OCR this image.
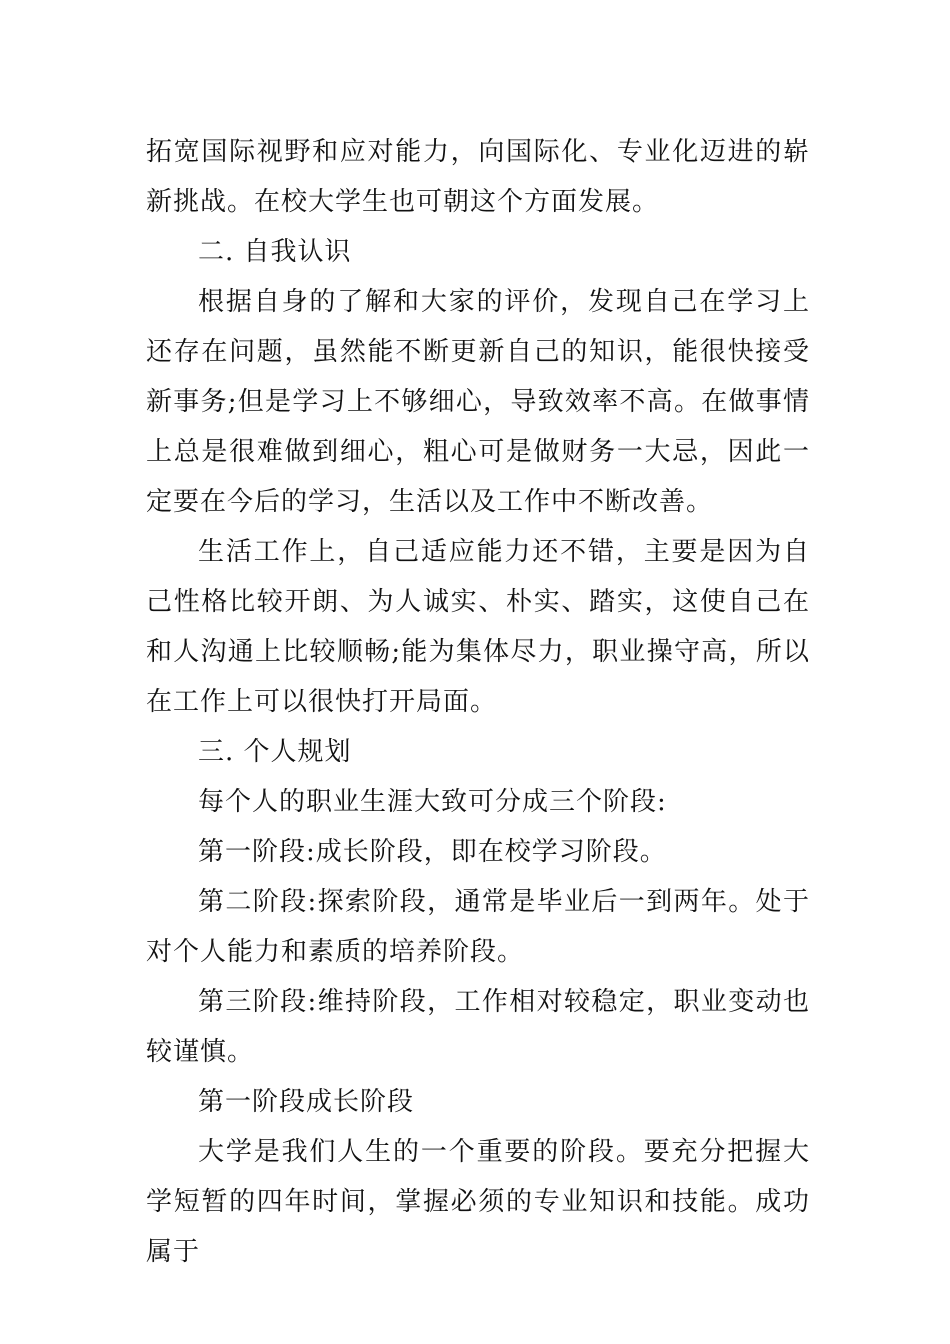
拓宽国际视野和应对能力，向国际化、专业化迈进的崭新挑战。在校大学生也可朝这个方面发展。

二. 自我认识

根据自身的了解和大家的评价，发现自己在学习上还存在问题，虽然能不断更新自己的知识，能很快接受新事务;但是学习上不够细心，导致效率不高。在做事情上总是很难做到细心，粗心可是做财务一大忌，因此一定要在今后的学习，生活以及工作中不断改善。

生活工作上，自己适应能力还不错，主要是因为自己性格比较开朗、为人诚实、朴实、踏实，这使自己在和人沟通上比较顺畅;能为集体尽力，职业操守高，所以在工作上可以很快打开局面。

三. 个人规划

每个人的职业生涯大致可分成三个阶段:

第一阶段:成长阶段，即在校学习阶段。

第二阶段:探索阶段，通常是毕业后一到两年。处于对个人能力和素质的培养阶段。

第三阶段:维持阶段，工作相对较稳定，职业变动也较谨慎。

第一阶段成长阶段

大学是我们人生的一个重要的阶段。要充分把握大学短暂的四年时间，掌握必须的专业知识和技能。成功属于
